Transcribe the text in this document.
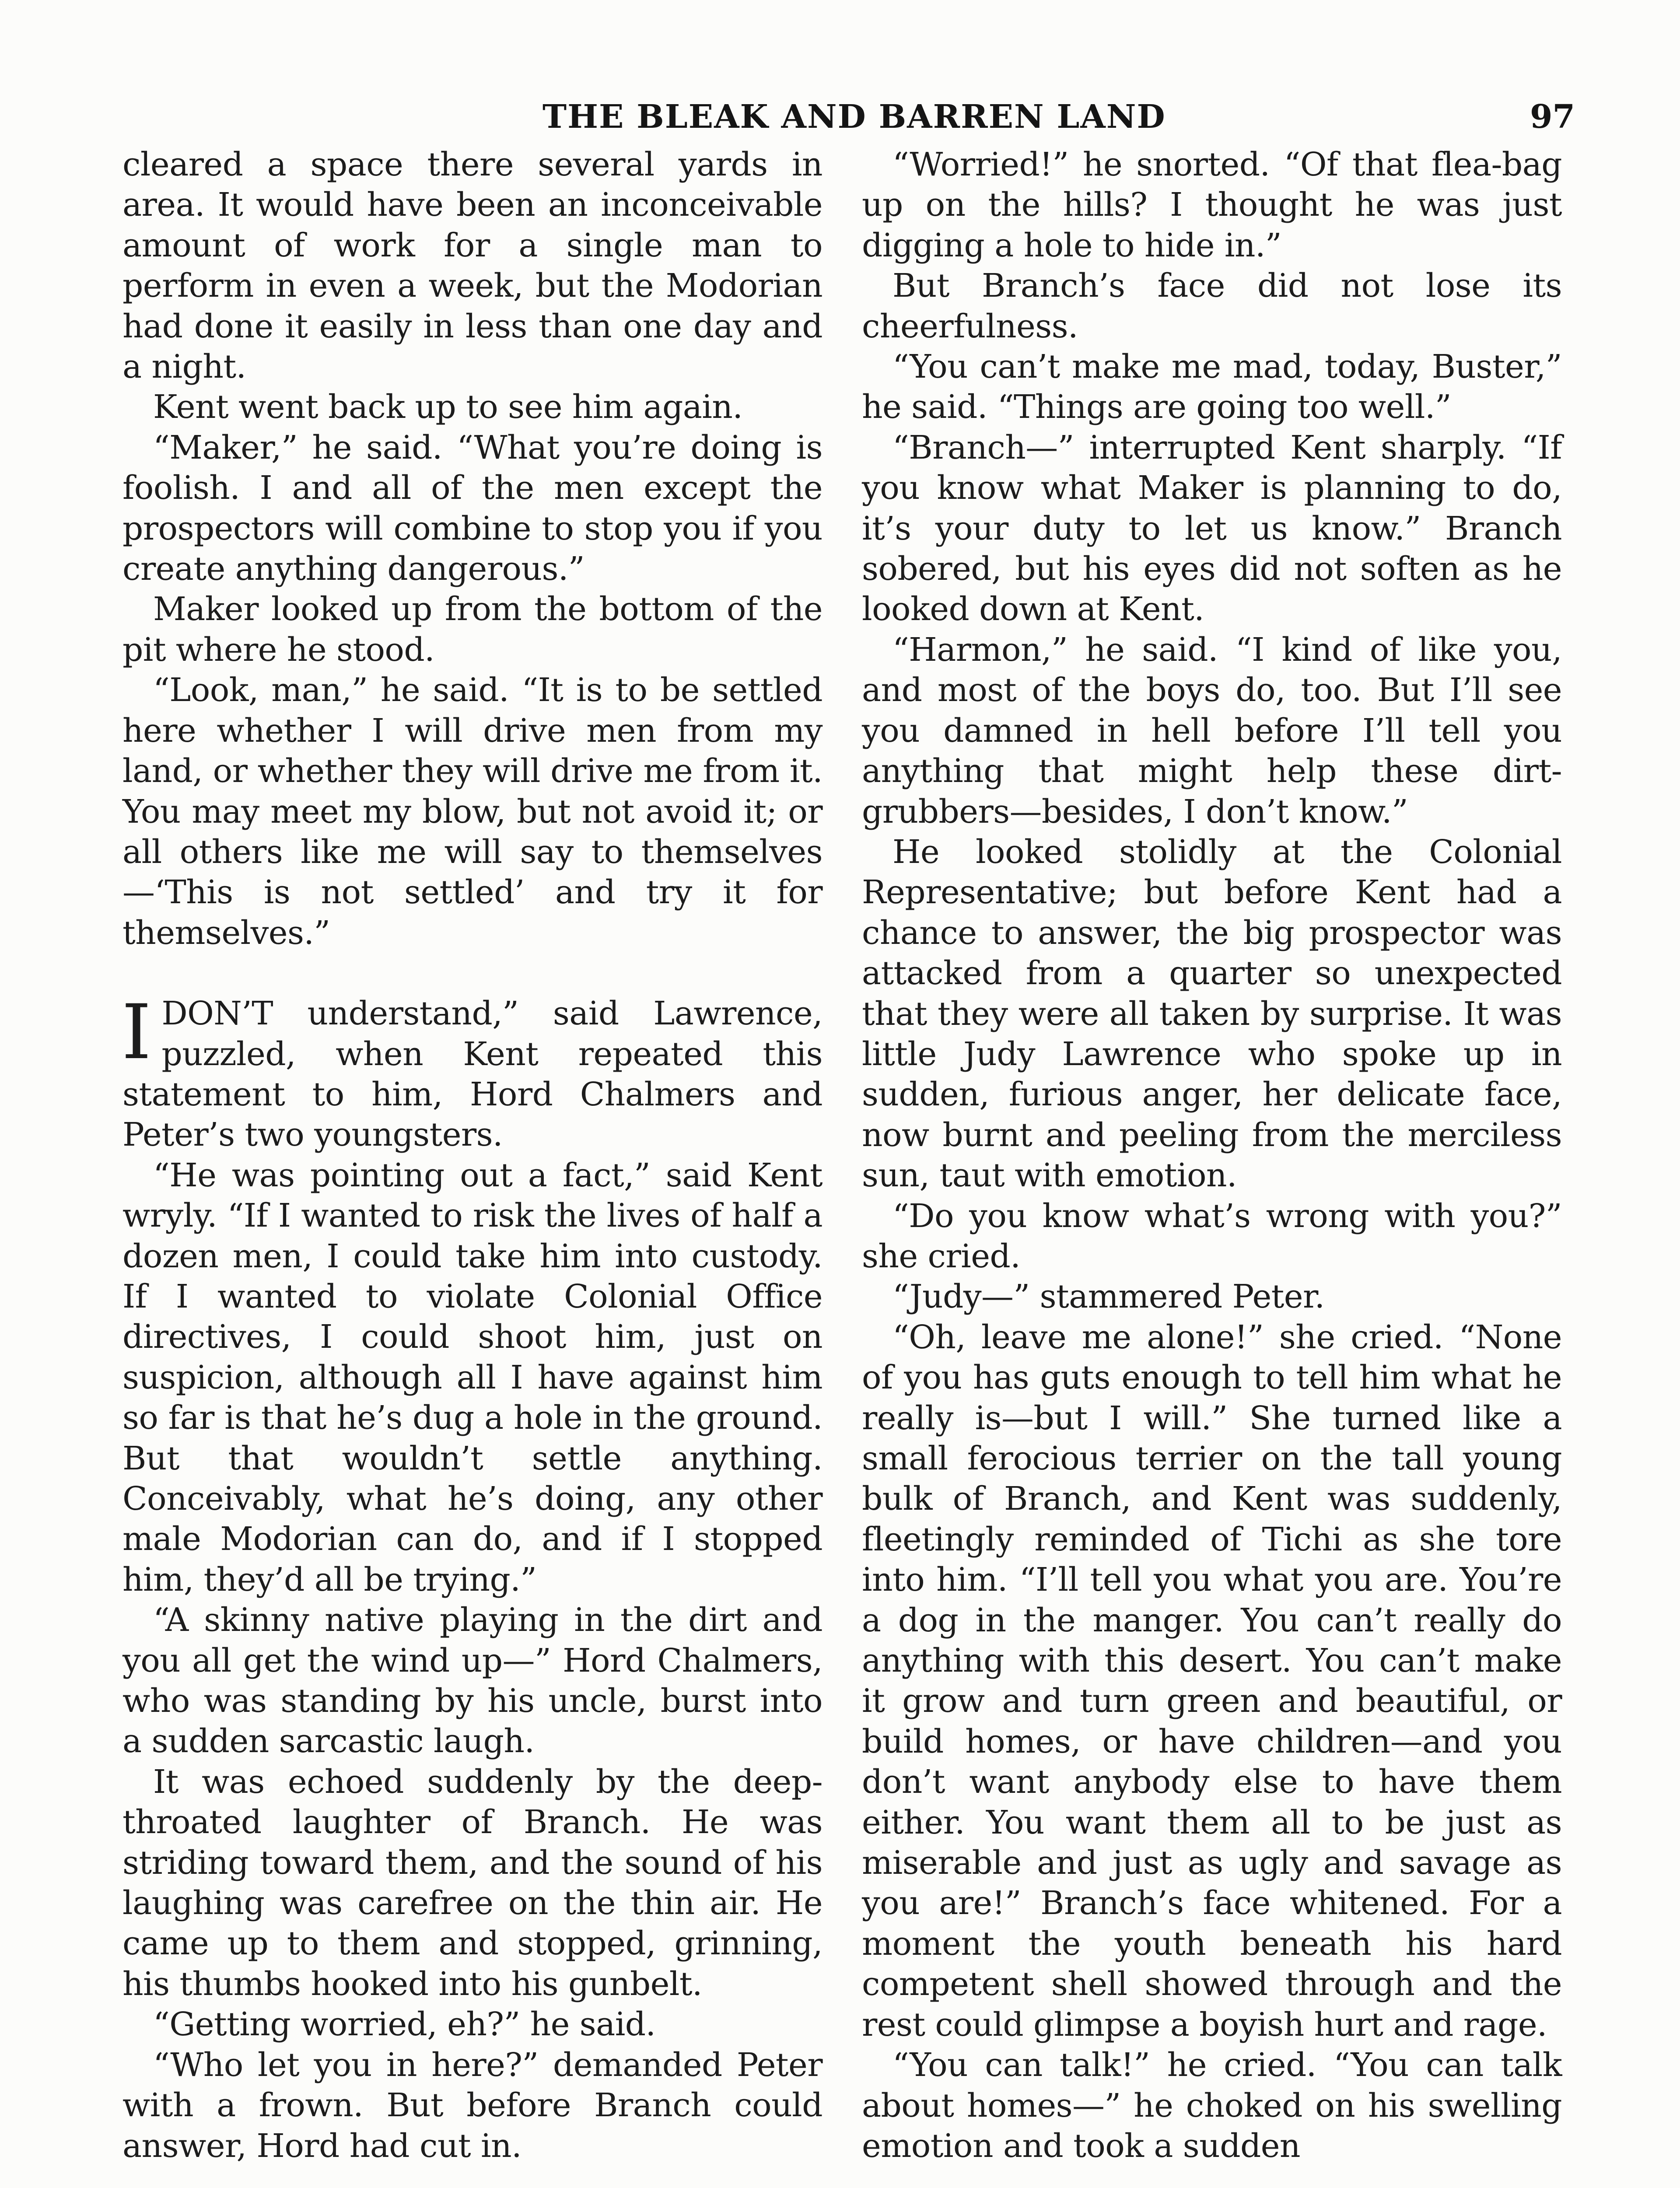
THE BLEAK AND BARREN LAND	97

cleared a space there several yards in area. It would have been an inconceivable amount of work for a single man to perform in even a week, but the Modorian had done it easily in less than one day and a night.

Kent went back up to see him again.

“Maker,” he said. “What you’re doing is foolish. I and all of the men except the prospectors will combine to stop you if you create anything dangerous.”

Maker looked up from the bottom of the pit where he stood.

“Look, man,” he said. “It is to be settled here whether I will drive men from my land, or whether they will drive me from it. You may meet my blow, but not avoid it; or all others like me will say to themselves—‘This is not settled’ and try it for themselves.”

IDON’T understand,” said Lawrence, puzzled, when Kent repeated this statement to him, Hord Chalmers and Peter’s two youngsters.

“He was pointing out a fact,” said Kent wryly. “If I wanted to risk the lives of half a dozen men, I could take him into custody. If I wanted to violate Colonial Office directives, I could shoot him, just on suspicion, although all I have against him so far is that he’s dug a hole in the ground. But that wouldn’t settle anything. Conceivably, what he’s doing, any other male Modorian can do, and if I stopped him, they’d all be trying.”

“A skinny native playing in the dirt and you all get the wind up—” Hord Chalmers, who was standing by his uncle, burst into a sudden sarcastic laugh.

It was echoed suddenly by the deep-throated laughter of Branch. He was striding toward them, and the sound of his laughing was carefree on the thin air. He came up to them and stopped, grinning, his thumbs hooked into his gunbelt.

“Getting worried, eh?” he said.

“Who let you in here?” demanded Peter with a frown. But before Branch could answer, Hord had cut in.

“Worried!” he snorted. “Of that flea-bag up on the hills? I thought he was just digging a hole to hide in.”

But Branch’s face did not lose its cheerfulness.

“You can’t make me mad, today, Buster,” he said. “Things are going too well.”

“Branch—” interrupted Kent sharply. “If you know what Maker is planning to do, it’s your duty to let us know.” Branch sobered, but his eyes did not soften as he looked down at Kent.

“Harmon,” he said. “I kind of like you, and most of the boys do, too. But I’ll see you damned in hell before I’ll tell you anything that might help these dirt-grubbers—besides, I don’t know.”

He looked stolidly at the Colonial Representative; but before Kent had a chance to answer, the big prospector was attacked from a quarter so unexpected that they were all taken by surprise. It was little Judy Lawrence who spoke up in sudden, furious anger, her delicate face, now burnt and peeling from the merciless sun, taut with emotion.

“Do you know what’s wrong with you?” she cried.

“Judy—” stammered Peter.

“Oh, leave me alone!” she cried. “None of you has guts enough to tell him what he really is—but I will.” She turned like a small ferocious terrier on the tall young bulk of Branch, and Kent was suddenly, fleetingly reminded of Tichi as she tore into him. “I’ll tell you what you are. You’re a dog in the manger. You can’t really do anything with this desert. You can’t make it grow and turn green and beautiful, or build homes, or have children—and you don’t want anybody else to have them either. You want them all to be just as miserable and just as ugly and savage as you are!” Branch’s face whitened. For a moment the youth beneath his hard competent shell showed through and the rest could glimpse a boyish hurt and rage.

“You can talk!” he cried. “You can talk about homes—” he choked on his swelling emotion and took a sudden
